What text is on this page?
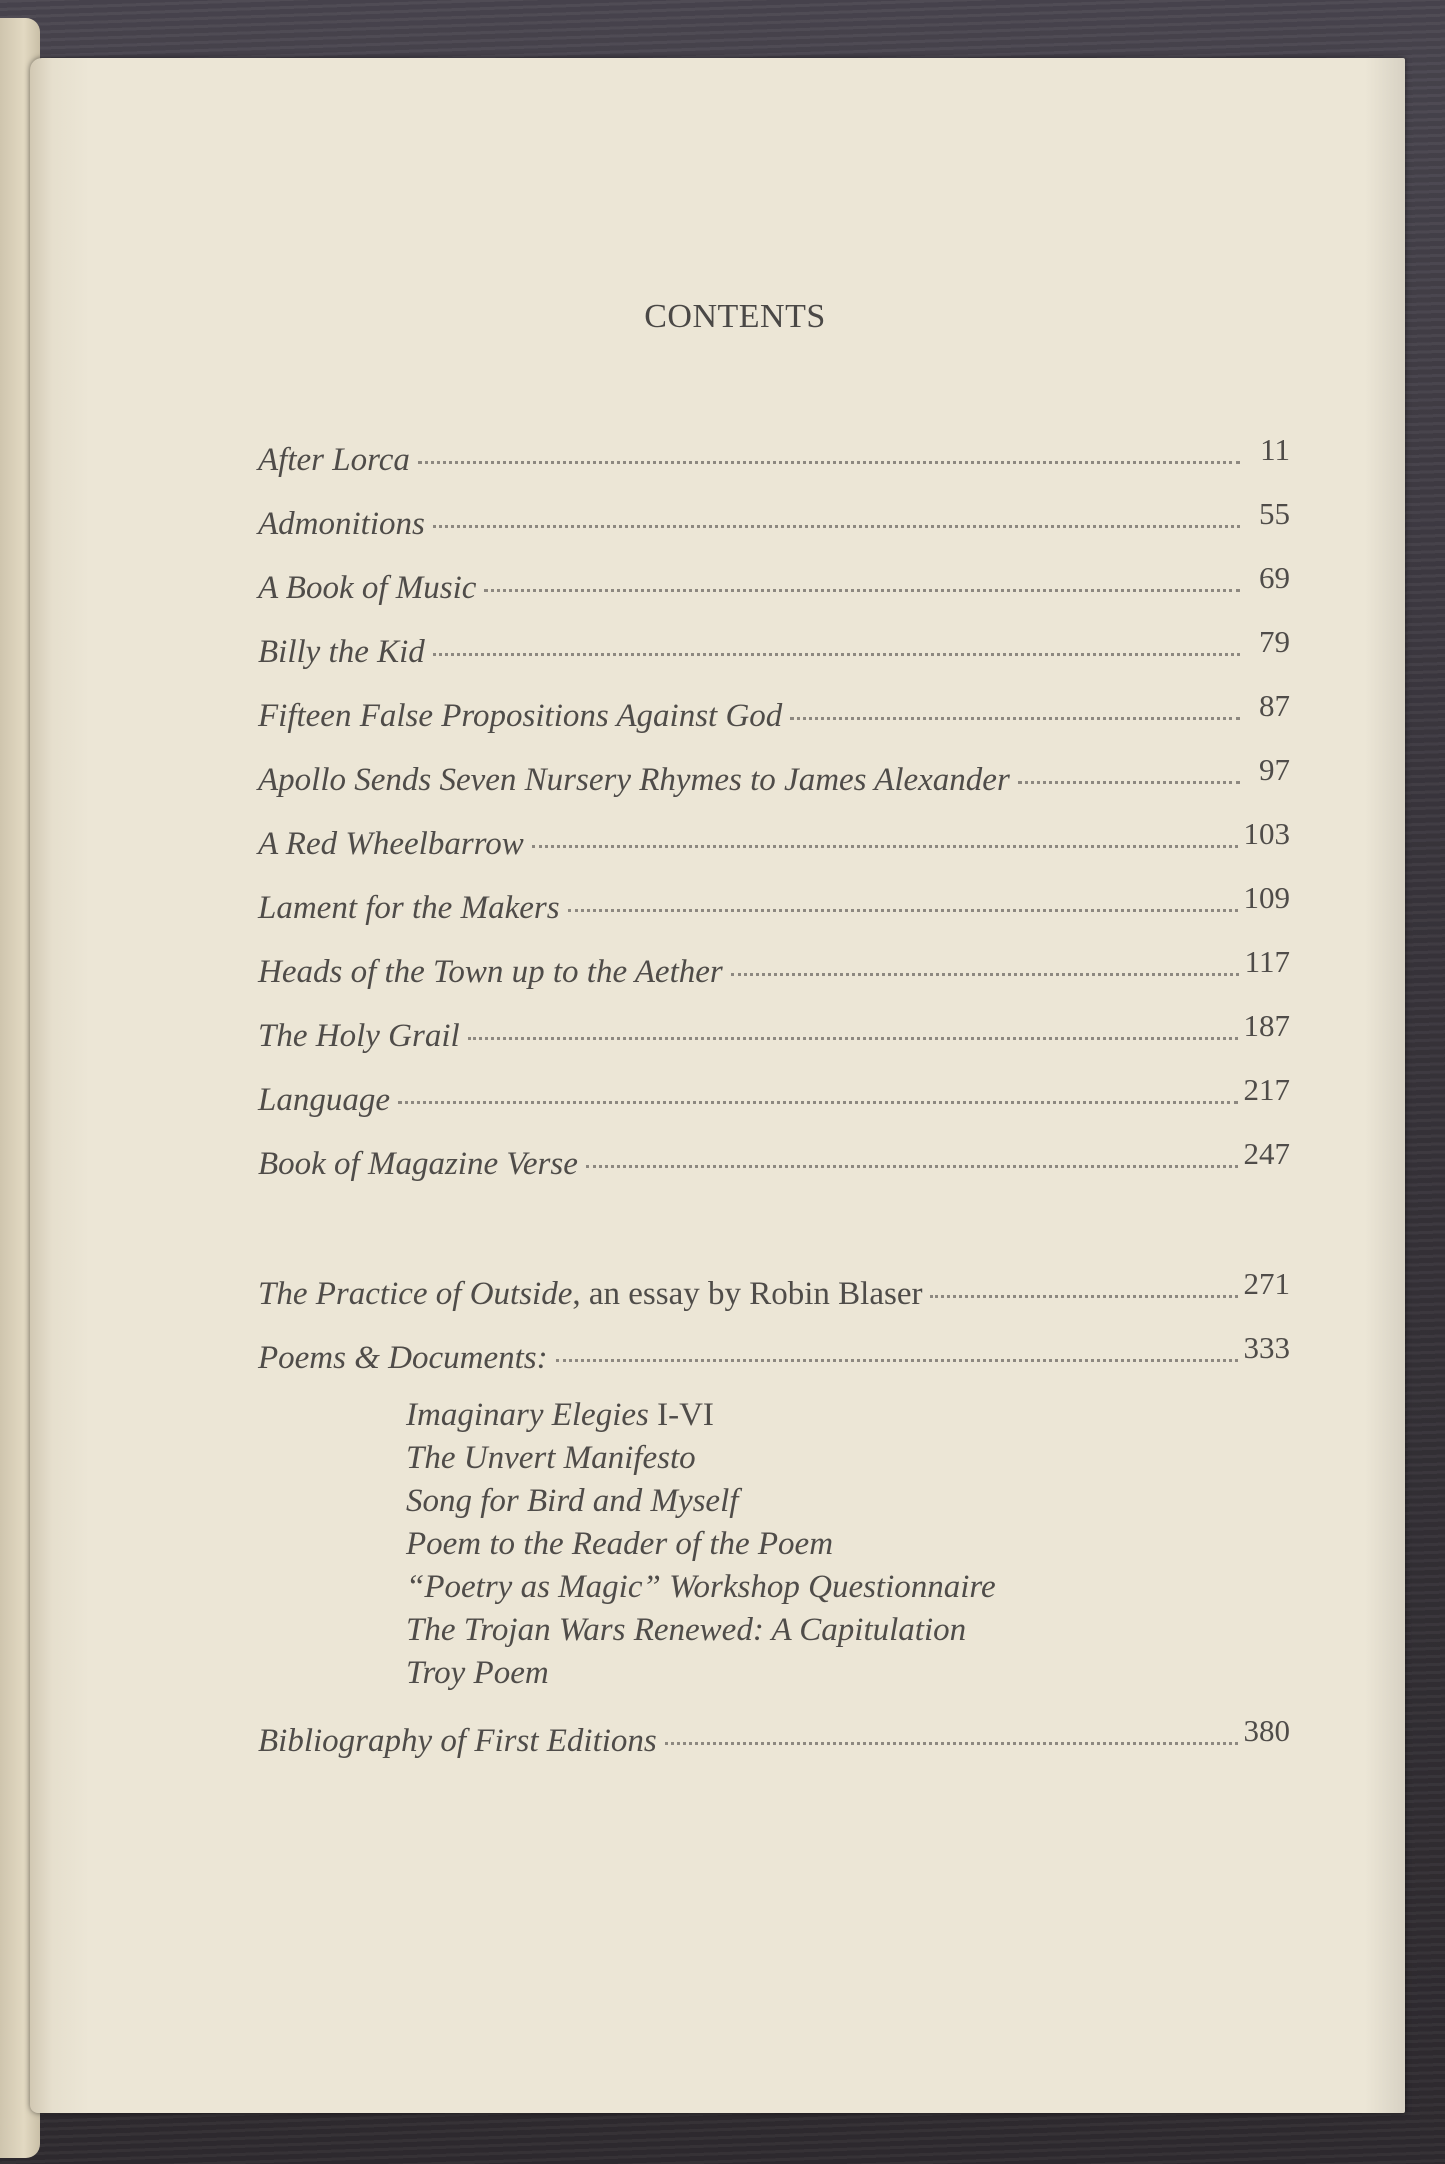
CONTENTS
After Lorca	11
Admonitions	55
A Book of Music	69
Billy the Kid	79
Fifteen False Propositions Against God	87
Apollo Sends Seven Nursery Rhymes to James Alexander	97
A Red Wheelbarrow	103
Lament for the Makers	109
Heads of the Town up to the Aether	117
The Holy Grail	187
Language	217
Book of Magazine Verse	247
The Practice of Outside, an essay by Robin Blaser	271
Poems & Documents:	333
Imaginary Elegies I-VI
The Unvert Manifesto
Song for Bird and Myself
Poem to the Reader of the Poem
“Poetry as Magic” Workshop Questionnaire
The Trojan Wars Renewed: A Capitulation
Troy Poem
Bibliography of First Editions	380
